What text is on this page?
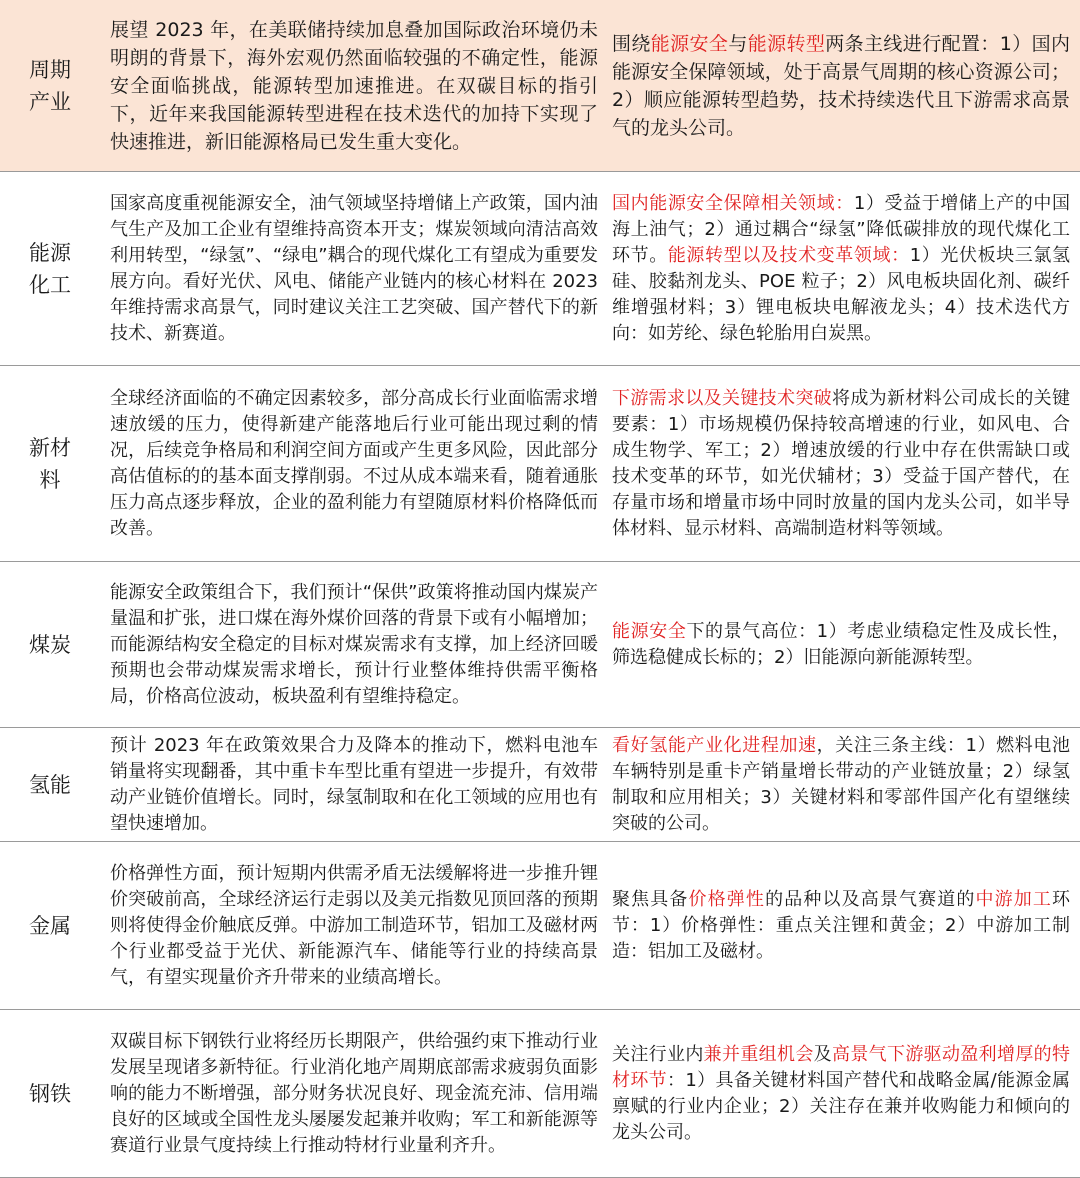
周期产业
展望 2023 年，在美联储持续加息叠加国际政治环境仍未明朗的背景下，海外宏观仍然面临较强的不确定性，能源安全面临挑战，能源转型加速推进。在双碳目标的指引下，近年来我国能源转型进程在技术迭代的加持下实现了快速推进，新旧能源格局已发生重大变化。
围绕能源安全与能源转型两条主线进行配置：1）国内能源安全保障领域，处于高景气周期的核心资源公司；2）顺应能源转型趋势，技术持续迭代且下游需求高景气的龙头公司。
能源化工
国家高度重视能源安全，油气领域坚持增储上产政策，国内油气生产及加工企业有望维持高资本开支；煤炭领域向清洁高效利用转型，“绿氢”、“绿电”耦合的现代煤化工有望成为重要发展方向。看好光伏、风电、储能产业链内的核心材料在 2023 年维持需求高景气，同时建议关注工艺突破、国产替代下的新技术、新赛道。
国内能源安全保障相关领域：1）受益于增储上产的中国海上油气；2）通过耦合“绿氢”降低碳排放的现代煤化工环节。能源转型以及技术变革领域：1）光伏板块三氯氢硅、胶黏剂龙头、POE 粒子；2）风电板块固化剂、碳纤维增强材料；3）锂电板块电解液龙头；4）技术迭代方向：如芳纶、绿色轮胎用白炭黑。
新材料
全球经济面临的不确定因素较多，部分高成长行业面临需求增速放缓的压力，使得新建产能落地后行业可能出现过剩的情况，后续竞争格局和利润空间方面或产生更多风险，因此部分高估值标的的基本面支撑削弱。不过从成本端来看，随着通胀压力高点逐步释放，企业的盈利能力有望随原材料价格降低而改善。
下游需求以及关键技术突破将成为新材料公司成长的关键要素：1）市场规模仍保持较高增速的行业，如风电、合成生物学、军工；2）增速放缓的行业中存在供需缺口或技术变革的环节，如光伏辅材；3）受益于国产替代，在存量市场和增量市场中同时放量的国内龙头公司，如半导体材料、显示材料、高端制造材料等领域。
煤炭
能源安全政策组合下，我们预计“保供”政策将推动国内煤炭产量温和扩张，进口煤在海外煤价回落的背景下或有小幅增加；而能源结构安全稳定的目标对煤炭需求有支撑，加上经济回暖预期也会带动煤炭需求增长，预计行业整体维持供需平衡格局，价格高位波动，板块盈利有望维持稳定。
能源安全下的景气高位：1）考虑业绩稳定性及成长性，筛选稳健成长标的；2）旧能源向新能源转型。
氢能
预计 2023 年在政策效果合力及降本的推动下，燃料电池车销量将实现翻番，其中重卡车型比重有望进一步提升，有效带动产业链价值增长。同时，绿氢制取和在化工领域的应用也有望快速增加。
看好氢能产业化进程加速，关注三条主线：1）燃料电池车辆特别是重卡产销量增长带动的产业链放量；2）绿氢制取和应用相关；3）关键材料和零部件国产化有望继续突破的公司。
金属
价格弹性方面，预计短期内供需矛盾无法缓解将进一步推升锂价突破前高，全球经济运行走弱以及美元指数见顶回落的预期则将使得金价触底反弹。中游加工制造环节，铝加工及磁材两个行业都受益于光伏、新能源汽车、储能等行业的持续高景气，有望实现量价齐升带来的业绩高增长。
聚焦具备价格弹性的品种以及高景气赛道的中游加工环节：1）价格弹性：重点关注锂和黄金；2）中游加工制造：铝加工及磁材。
钢铁
双碳目标下钢铁行业将经历长期限产，供给强约束下推动行业发展呈现诸多新特征。行业消化地产周期底部需求疲弱负面影响的能力不断增强，部分财务状况良好、现金流充沛、信用端良好的区域或全国性龙头屡屡发起兼并收购；军工和新能源等赛道行业景气度持续上行推动特材行业量利齐升。
关注行业内兼并重组机会及高景气下游驱动盈利增厚的特材环节：1）具备关键材料国产替代和战略金属/能源金属禀赋的行业内企业；2）关注存在兼并收购能力和倾向的龙头公司。
